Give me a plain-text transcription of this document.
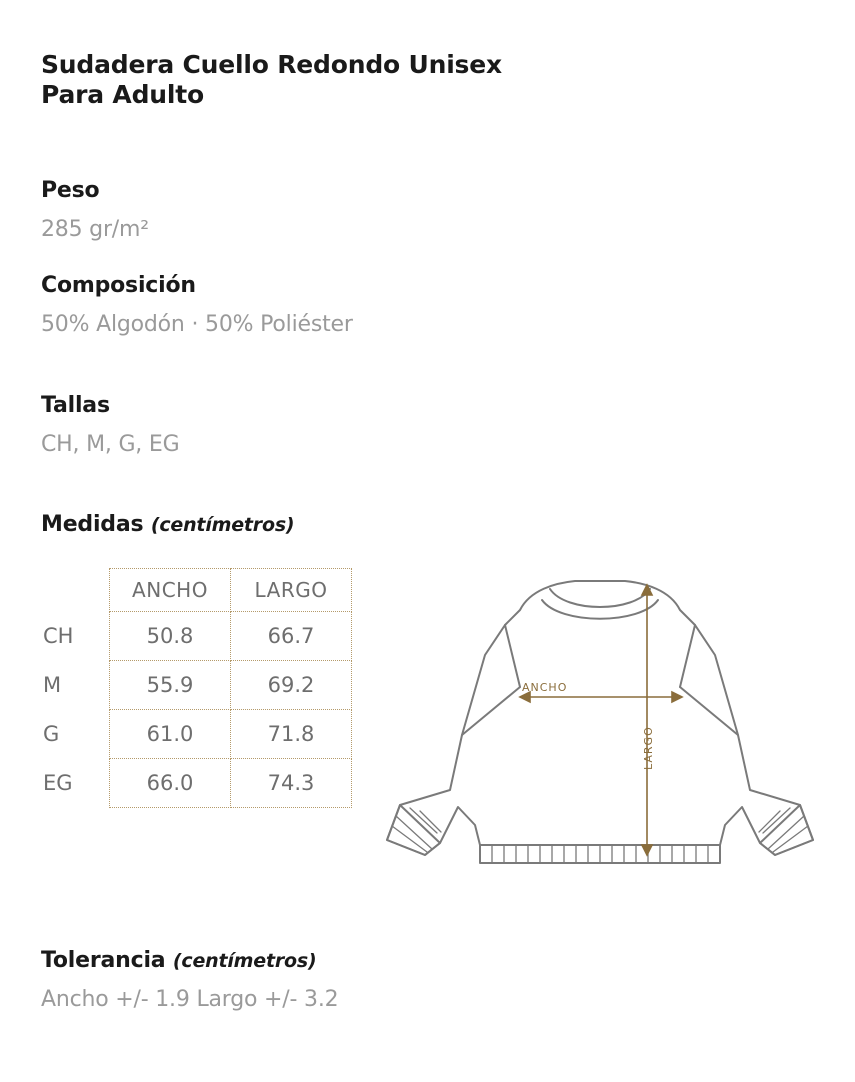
Sudadera Cuello Redondo Unisex Para Adulto
Peso
285 gr/m²
Composición
50% Algodón · 50% Poliéster
Tallas
CH, M, G, EG
Medidas (centímetros)
	ANCHO	LARGO
CH	50.8	66.7
M	55.9	69.2
G	61.0	71.8
EG	66.0	74.3
ANCHO
LARGO
Tolerancia (centímetros)
Ancho +/- 1.9 Largo +/- 3.2
